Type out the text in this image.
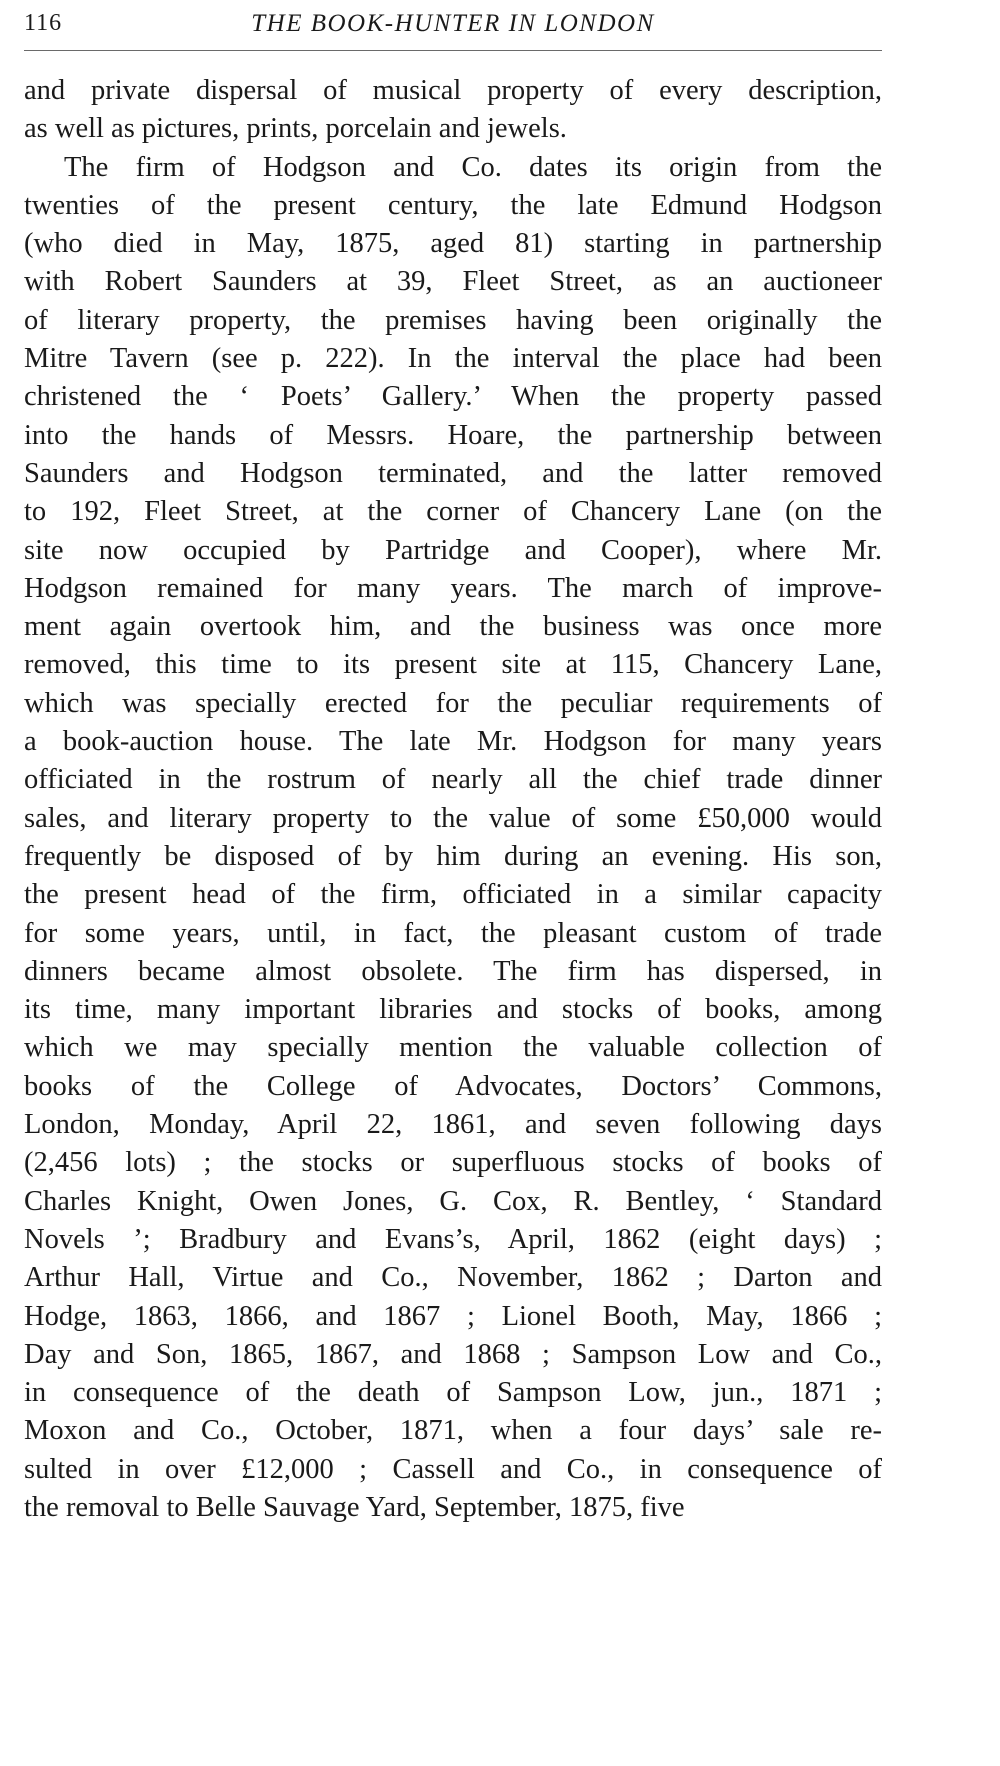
116	THE BOOK-HUNTER IN LONDON
and private dispersal of musical property of every description,
as well as pictures, prints, porcelain and jewels.
The firm of Hodgson and Co. dates its origin from the
twenties of the present century, the late Edmund Hodgson
(who died in May, 1875, aged 81) starting in partnership
with Robert Saunders at 39, Fleet Street, as an auctioneer
of literary property, the premises having been originally the
Mitre Tavern (see p. 222). In the interval the place had been
christened the ‘ Poets’ Gallery.’ When the property passed
into the hands of Messrs. Hoare, the partnership between
Saunders and Hodgson terminated, and the latter removed
to 192, Fleet Street, at the corner of Chancery Lane (on the
site now occupied by Partridge and Cooper), where Mr.
Hodgson remained for many years. The march of improve-
ment again overtook him, and the business was once more
removed, this time to its present site at 115, Chancery Lane,
which was specially erected for the peculiar requirements of
a book-auction house. The late Mr. Hodgson for many years
officiated in the rostrum of nearly all the chief trade dinner
sales, and literary property to the value of some £50,000 would
frequently be disposed of by him during an evening. His son,
the present head of the firm, officiated in a similar capacity
for some years, until, in fact, the pleasant custom of trade
dinners became almost obsolete. The firm has dispersed, in
its time, many important libraries and stocks of books, among
which we may specially mention the valuable collection of
books of the College of Advocates, Doctors’ Commons,
London, Monday, April 22, 1861, and seven following days
(2,456 lots) ; the stocks or superfluous stocks of books of
Charles Knight, Owen Jones, G. Cox, R. Bentley, ‘ Standard
Novels ’; Bradbury and Evans’s, April, 1862 (eight days) ;
Arthur Hall, Virtue and Co., November, 1862 ; Darton and
Hodge, 1863, 1866, and 1867 ; Lionel Booth, May, 1866 ;
Day and Son, 1865, 1867, and 1868 ; Sampson Low and Co.,
in consequence of the death of Sampson Low, jun., 1871 ;
Moxon and Co., October, 1871, when a four days’ sale re-
sulted in over £12,000 ; Cassell and Co., in consequence of
the removal to Belle Sauvage Yard, September, 1875, five
